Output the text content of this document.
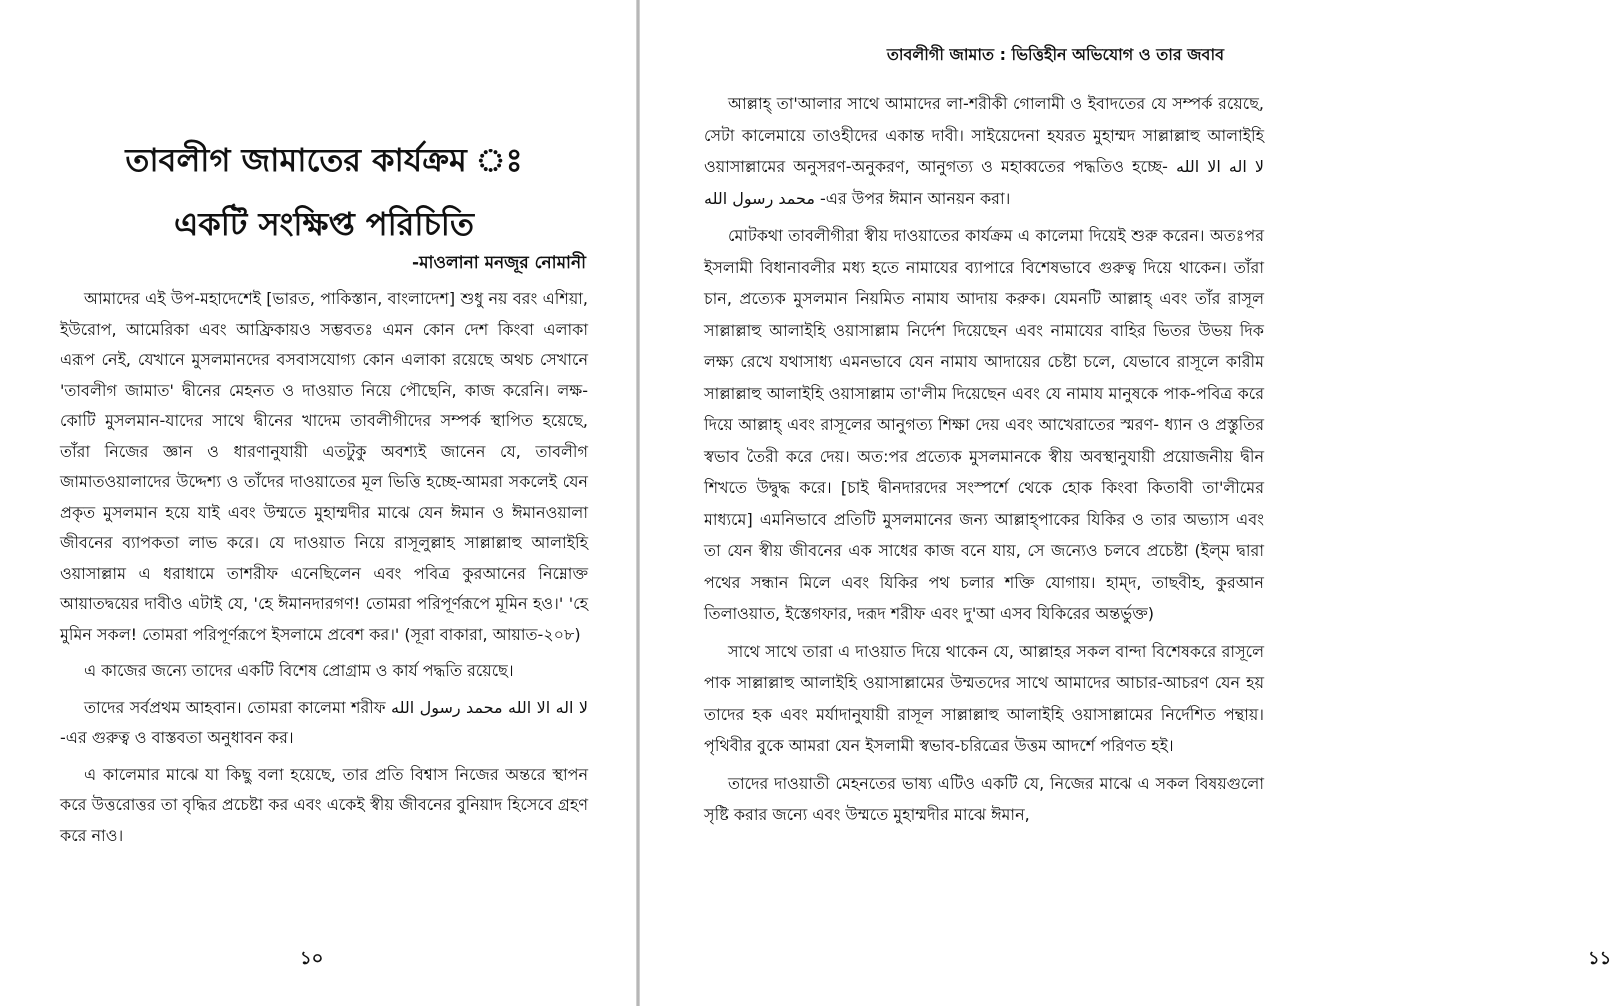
তাবলীগ জামাতের কার্যক্রম ঃ
একটি সংক্ষিপ্ত পরিচিতি
-মাওলানা মনজূর নোমানী

আমাদের এই উপ-মহাদেশেই [ভারত, পাকিস্তান, বাংলাদেশ] শুধু নয় বরং এশিয়া, ইউরোপ, আমেরিকা এবং আফ্রিকায়ও সম্ভবতঃ এমন কোন দেশ কিংবা এলাকা এরূপ নেই, যেখানে মুসলমানদের বসবাসযোগ্য কোন এলাকা রয়েছে অথচ সেখানে 'তাবলীগ জামাত' দ্বীনের মেহনত ও দাওয়াত নিয়ে পৌছেনি, কাজ করেনি। লক্ষ-কোটি মুসলমান-যাদের সাথে দ্বীনের খাদেম তাবলীগীদের সম্পর্ক স্থাপিত হয়েছে, তাঁরা নিজের জ্ঞান ও ধারণানুযায়ী এতটুকু অবশ্যই জানেন যে, তাবলীগ জামাতওয়ালাদের উদ্দেশ্য ও তাঁদের দাওয়াতের মূল ভিত্তি হচ্ছে-আমরা সকলেই যেন প্রকৃত মুসলমান হয়ে যাই এবং উম্মতে মুহাম্মদীর মাঝে যেন ঈমান ও ঈমানওয়ালা জীবনের ব্যাপকতা লাভ করে। যে দাওয়াত নিয়ে রাসূলুল্লাহ সাল্লাল্লাহু আলাইহি ওয়াসাল্লাম এ ধরাধামে তাশরীফ এনেছিলেন এবং পবিত্র কুরআনের নিম্নোক্ত আয়াতদ্বয়ের দাবীও এটাই যে, 'হে ঈমানদারগণ! তোমরা পরিপূর্ণরূপে মূমিন হও।' 'হে মুমিন সকল! তোমরা পরিপূর্ণরূপে ইসলামে প্রবেশ কর।' (সূরা বাকারা, আয়াত-২০৮)

এ কাজের জন্যে তাদের একটি বিশেষ প্রোগ্রাম ও কার্য পদ্ধতি রয়েছে।

তাদের সর্বপ্রথম আহবান। তোমরা কালেমা শরীফ لا اله الا الله محمد رسول الله -এর গুরুত্ব ও বাস্তবতা অনুধাবন কর।

এ কালেমার মাঝে যা কিছু বলা হয়েছে, তার প্রতি বিশ্বাস নিজের অন্তরে স্থাপন করে উত্তরোত্তর তা বৃদ্ধির প্রচেষ্টা কর এবং একেই স্বীয় জীবনের বুনিয়াদ হিসেবে গ্রহণ করে নাও।

১০
তাবলীগী জামাত : ভিত্তিহীন অভিযোগ ও তার জবাব

আল্লাহ্‌ তা'আলার সাথে আমাদের লা-শরীকী গোলামী ও ইবাদতের যে সম্পর্ক রয়েছে, সেটা কালেমায়ে তাওহীদের একান্ত দাবী। সাইয়েদেনা হযরত মুহাম্মদ সাল্লাল্লাহু আলাইহি ওয়াসাল্লামের অনুসরণ-অনুকরণ, আনুগত্য ও মহাব্বতের পদ্ধতিও হচ্ছে- لا اله الا الله محمد رسول الله -এর উপর ঈমান আনয়ন করা।

মোটকথা তাবলীগীরা স্বীয় দাওয়াতের কার্যক্রম এ কালেমা দিয়েই শুরু করেন। অতঃপর ইসলামী বিধানাবলীর মধ্য হতে নামাযের ব্যাপারে বিশেষভাবে গুরুত্ব দিয়ে থাকেন। তাঁরা চান, প্রত্যেক মুসলমান নিয়মিত নামায আদায় করুক। যেমনটি আল্লাহ্‌ এবং তাঁর রাসূল সাল্লাল্লাহু আলাইহি ওয়াসাল্লাম নির্দেশ দিয়েছেন এবং নামাযের বাহির ভিতর উভয় দিক লক্ষ্য রেখে যথাসাধ্য এমনভাবে যেন নামায আদায়ের চেষ্টা চলে, যেভাবে রাসূলে কারীম সাল্লাল্লাহু আলাইহি ওয়াসাল্লাম তা'লীম দিয়েছেন এবং যে নামায মানুষকে পাক-পবিত্র করে দিয়ে আল্লাহ্‌ এবং রাসূলের আনুগত্য শিক্ষা দেয় এবং আখেরাতের স্মরণ- ধ্যান ও প্রস্তুতির স্বভাব তৈরী করে দেয়। অত:পর প্রত্যেক মুসলমানকে স্বীয় অবস্থানুযায়ী প্রয়োজনীয় দ্বীন শিখতে উদ্বুদ্ধ করে। [চাই দ্বীনদারদের সংস্পর্শে থেকে হোক কিংবা কিতাবী তা'লীমের মাধ্যমে] এমনিভাবে প্রতিটি মুসলমানের জন্য আল্লাহ্‌পাকের যিকির ও তার অভ্যাস এবং তা যেন স্বীয় জীবনের এক সাধের কাজ বনে যায়, সে জন্যেও চলবে প্রচেষ্টা (ইল্‌ম দ্বারা পথের সন্ধান মিলে এবং যিকির পথ চলার শক্তি যোগায়। হাম্‌দ, তাছবীহ, কুরআন তিলাওয়াত, ইস্তেগফার, দরূদ শরীফ এবং দু'আ এসব যিকিরের অন্তর্ভুক্ত)

সাথে সাথে তারা এ দাওয়াত দিয়ে থাকেন যে, আল্লাহর সকল বান্দা বিশেষকরে রাসূলে পাক সাল্লাল্লাহু আলাইহি ওয়াসাল্লামের উম্মতদের সাথে আমাদের আচার-আচরণ যেন হয় তাদের হক এবং মর্যাদানুযায়ী রাসূল সাল্লাল্লাহু আলাইহি ওয়াসাল্লামের নির্দেশিত পন্থায়। পৃথিবীর বুকে আমরা যেন ইসলামী স্বভাব-চরিত্রের উত্তম আদর্শে পরিণত হই।

তাদের দাওয়াতী মেহনতের ভাষ্য এটিও একটি যে, নিজের মাঝে এ সকল বিষয়গুলো সৃষ্টি করার জন্যে এবং উম্মতে মুহাম্মদীর মাঝে ঈমান,

১১
